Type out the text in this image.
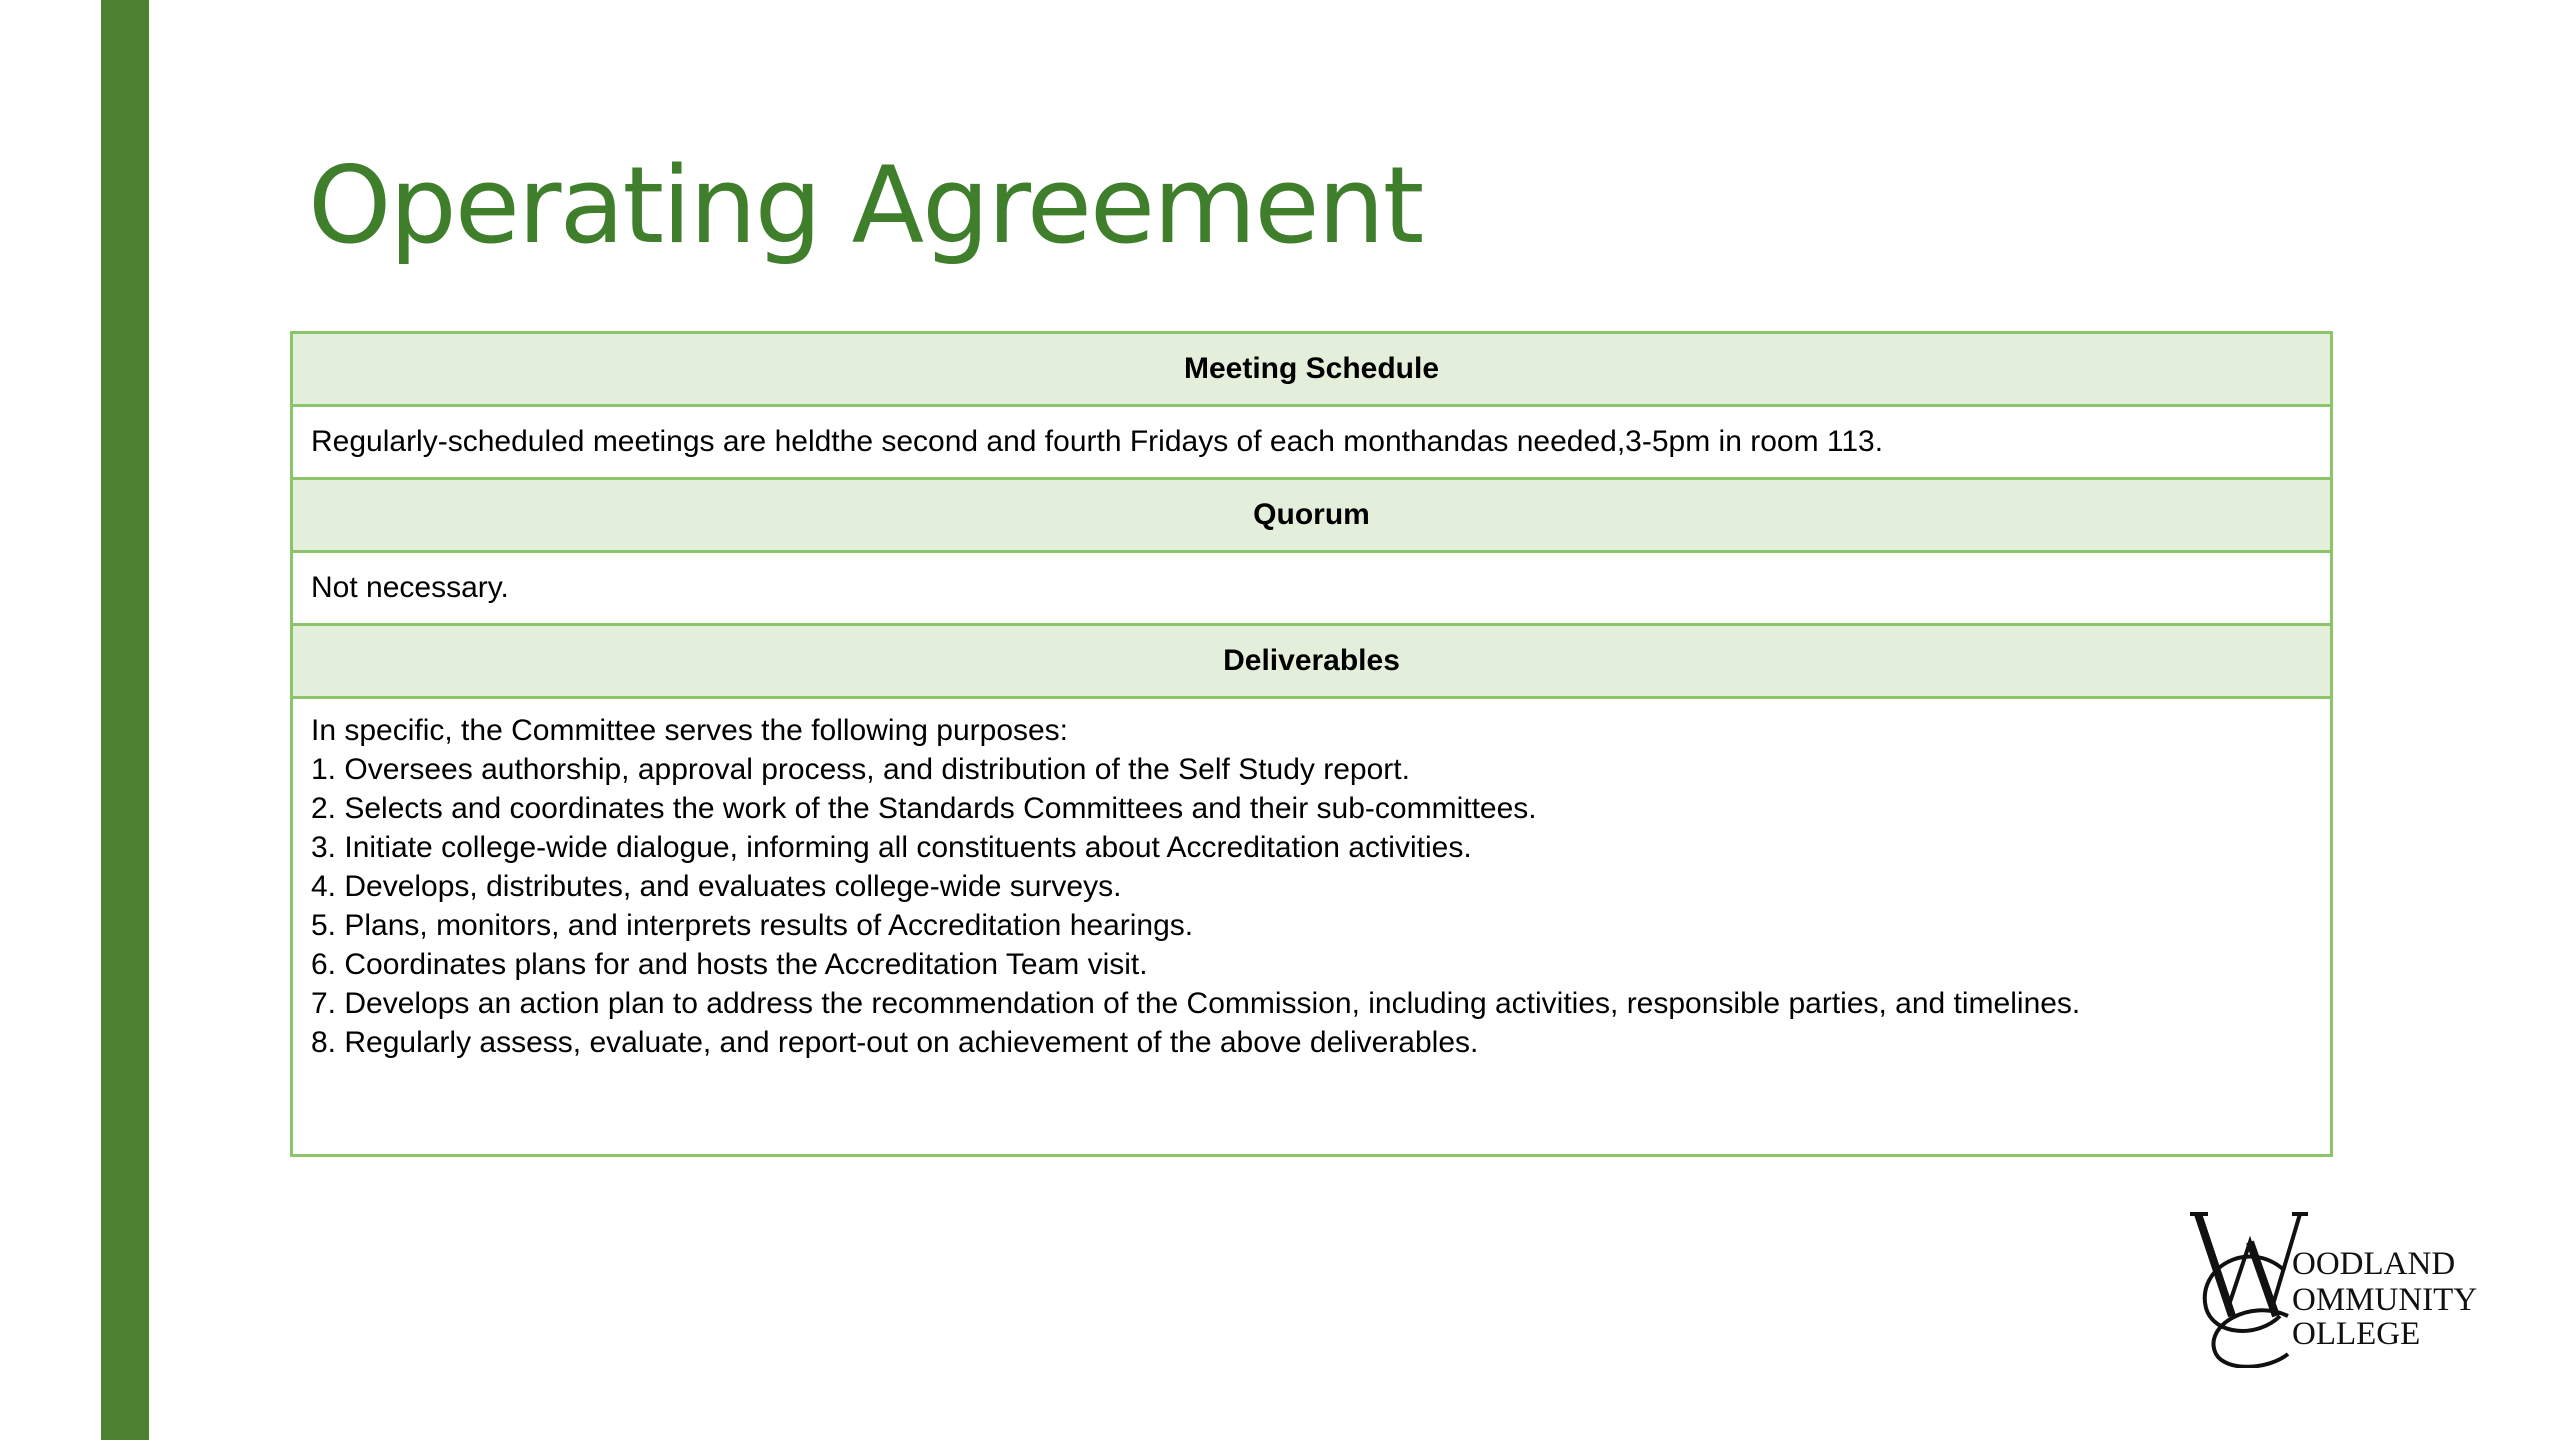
Operating Agreement
Meeting Schedule
Regularly-scheduled meetings are heldthe second and fourth Fridays of each monthandas needed,3-5pm in room 113.
Quorum
Not necessary.
Deliverables

In specific, the Committee serves the following purposes:
1. Oversees authorship, approval process, and distribution of the Self Study report.
2. Selects and coordinates the work of the Standards Committees and their sub-committees.
3. Initiate college-wide dialogue, informing all constituents about Accreditation activities.
4. Develops, distributes, and evaluates college-wide surveys.
5. Plans, monitors, and interprets results of Accreditation hearings.
6. Coordinates plans for and hosts the Accreditation Team visit.
7. Develops an action plan to address the recommendation of the Commission, including activities, responsible parties, and timelines.
8. Regularly assess, evaluate, and report-out on achievement of the above deliverables.
OODLAND
OMMUNITY
OLLEGE
